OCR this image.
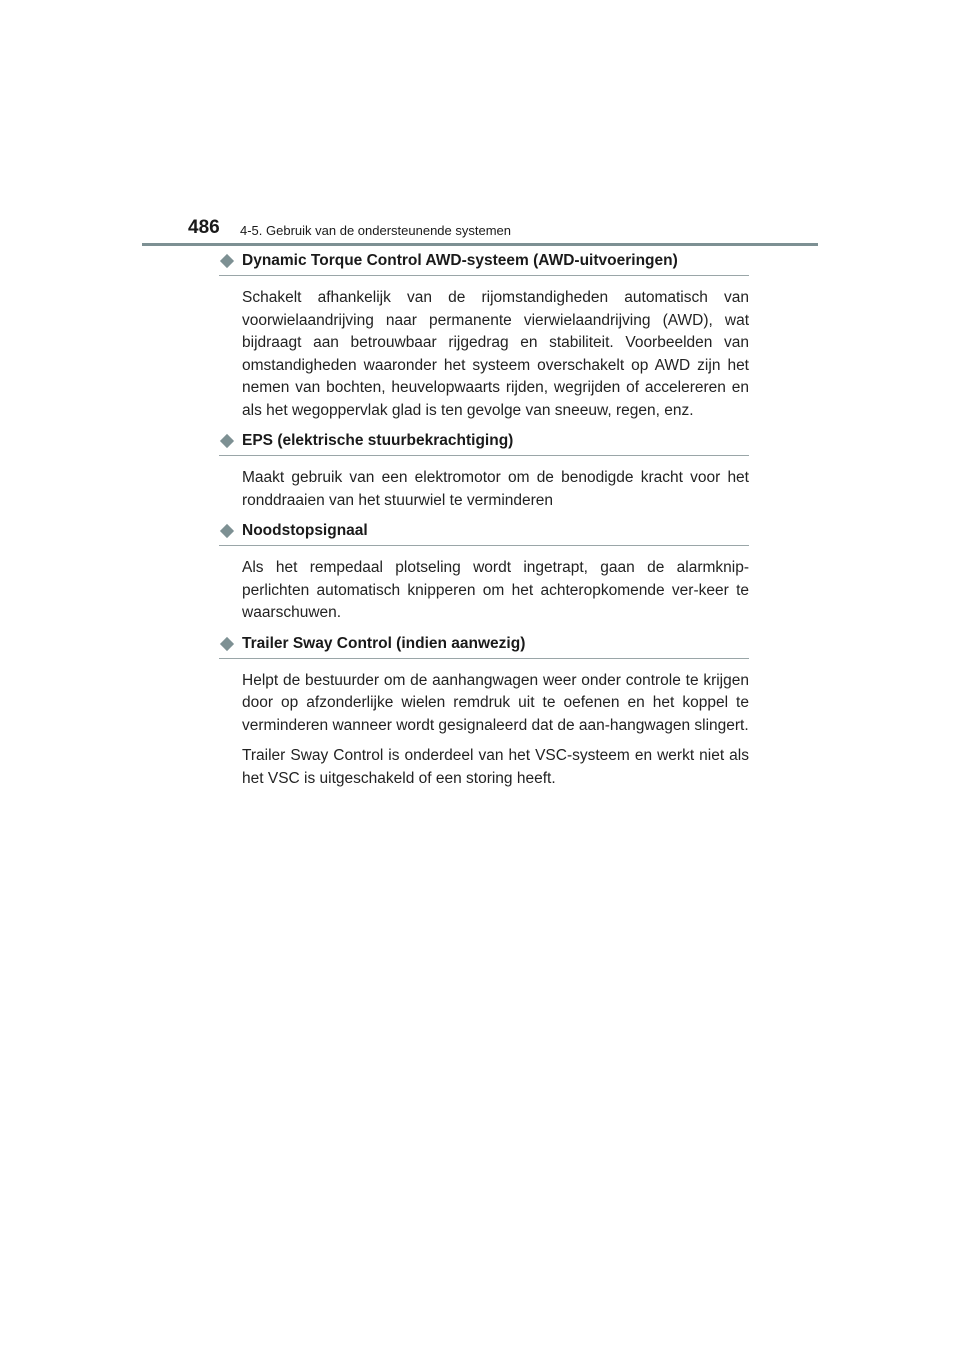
486 4-5. Gebruik van de ondersteunende systemen
Dynamic Torque Control AWD-systeem (AWD-uitvoeringen)

Schakelt afhankelijk van de rijomstandigheden automatisch van voorwielaandrijving naar permanente vierwielaandrijving (AWD), wat bijdraagt aan betrouwbaar rijgedrag en stabiliteit. Voorbeelden van omstandigheden waaronder het systeem overschakelt op AWD zijn het nemen van bochten, heuvelopwaarts rijden, wegrijden of accelereren en als het wegoppervlak glad is ten gevolge van sneeuw, regen, enz.

EPS (elektrische stuurbekrachtiging)

Maakt gebruik van een elektromotor om de benodigde kracht voor het ronddraaien van het stuurwiel te verminderen

Noodstopsignaal

Als het rempedaal plotseling wordt ingetrapt, gaan de alarmknip-perlichten automatisch knipperen om het achteropkomende ver-keer te waarschuwen.

Trailer Sway Control (indien aanwezig)

Helpt de bestuurder om de aanhangwagen weer onder controle te krijgen door op afzonderlijke wielen remdruk uit te oefenen en het koppel te verminderen wanneer wordt gesignaleerd dat de aan-hangwagen slingert.

Trailer Sway Control is onderdeel van het VSC-systeem en werkt niet als het VSC is uitgeschakeld of een storing heeft.
